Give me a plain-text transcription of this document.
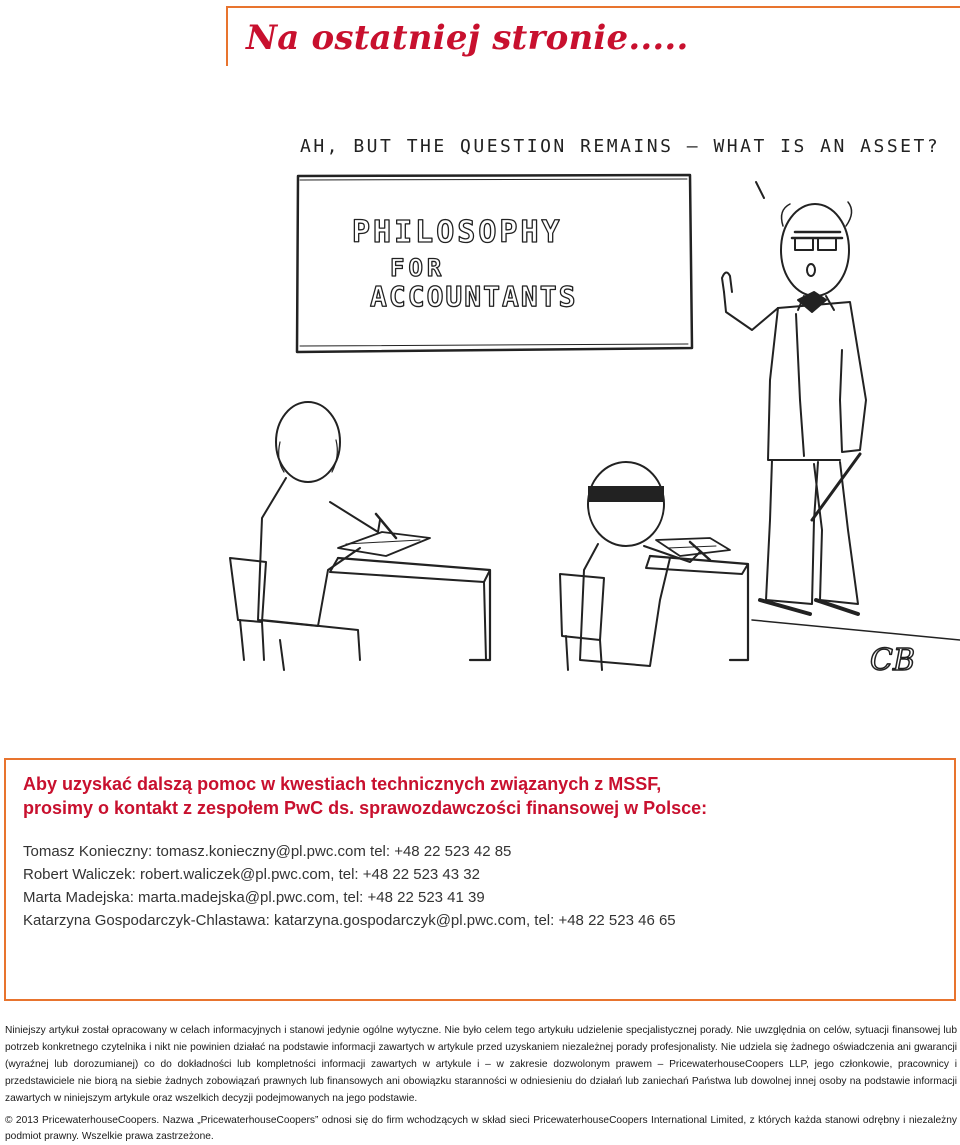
Na ostatniej stronie.....
AH, BUT THE QUESTION REMAINS – WHAT IS AN ASSET?
PHILOSOPHY
FOR
ACCOUNTANTS
CB
Aby uzyskać dalszą pomoc w kwestiach technicznych związanych z MSSF,
prosimy o kontakt z zespołem PwC ds. sprawozdawczości finansowej w Polsce:
Tomasz Konieczny: tomasz.konieczny@pl.pwc.com tel: +48 22 523 42 85
Robert Waliczek: robert.waliczek@pl.pwc.com, tel: +48 22 523 43 32
Marta Madejska: marta.madejska@pl.pwc.com, tel: +48 22 523 41 39
Katarzyna Gospodarczyk-Chlastawa: katarzyna.gospodarczyk@pl.pwc.com, tel: +48 22 523 46 65

Niniejszy artykuł został opracowany w celach informacyjnych i stanowi jedynie ogólne wytyczne. Nie było celem tego artykułu udzielenie specjalistycznej porady. Nie uwzględnia on celów, sytuacji finansowej lub potrzeb konkretnego czytelnika i nikt nie powinien działać na podstawie informacji zawartych w artykule przed uzyskaniem niezależnej porady profesjonalisty. Nie udziela się żadnego oświadczenia ani gwarancji (wyraźnej lub dorozumianej) co do dokładności lub kompletności informacji zawartych w artykule i – w zakresie dozwolonym prawem – PricewaterhouseCoopers LLP, jego członkowie, pracownicy i przedstawiciele nie biorą na siebie żadnych zobowiązań prawnych lub finansowych ani obowiązku staranności w odniesieniu do działań lub zaniechań Państwa lub dowolnej innej osoby na podstawie informacji zawartych w niniejszym artykule oraz wszelkich decyzji podejmowanych na jego podstawie.

© 2013 PricewaterhouseCoopers. Nazwa „PricewaterhouseCoopers” odnosi się do firm wchodzących w skład sieci PricewaterhouseCoopers International Limited, z których każda stanowi odrębny i niezależny podmiot prawny. Wszelkie prawa zastrzeżone.
